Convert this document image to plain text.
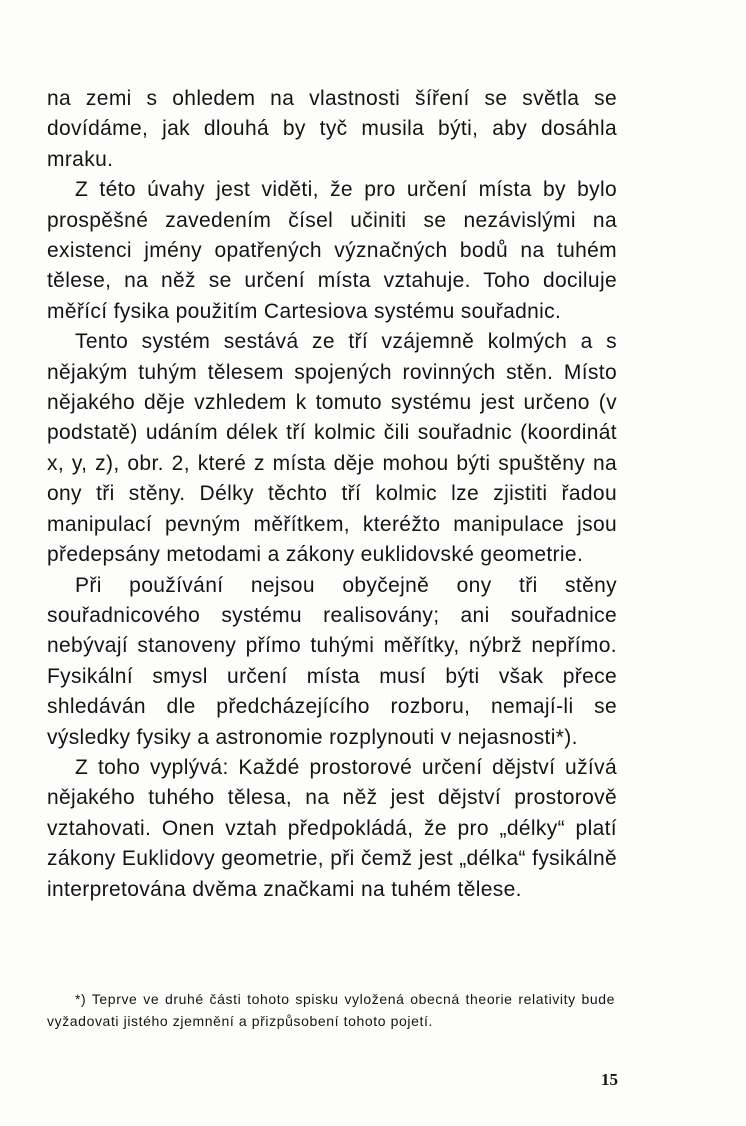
na zemi s ohledem na vlastnosti šíření se světla se dovídáme, jak dlouhá by tyč musila býti, aby dosáhla mraku.

Z této úvahy jest viděti, že pro určení místa by bylo prospěšné zavedením čísel učiniti se nezávislými na existenci jmény opatřených význačných bodů na tuhém tělese, na něž se určení místa vztahuje. Toho dociluje měřící fysika použitím Cartesiova systému souřadnic.

Tento systém sestává ze tří vzájemně kolmých a s nějakým tuhým tělesem spojených rovinných stěn. Místo nějakého děje vzhledem k tomuto systému jest určeno (v podstatě) udáním délek tří kolmic čili souřadnic (koordinát x, y, z), obr. 2, které z místa děje mohou býti spuštěny na ony tři stěny. Délky těchto tří kolmic lze zjistiti řadou manipulací pevným měřítkem, kteréžto manipulace jsou předepsány metodami a zákony euklidovské geometrie.

Při používání nejsou obyčejně ony tři stěny souřadnicového systému realisovány; ani souřadnice nebývají stanoveny přímo tuhými měřítky, nýbrž nepřímo. Fysikální smysl určení místa musí býti však přece shledáván dle předcházejícího rozboru, nemají-li se výsledky fysiky a astronomie rozplynouti v nejasnosti*).

Z toho vyplývá: Každé prostorové určení dějství užívá nějakého tuhého tělesa, na něž jest dějství prostorově vztahovati. Onen vztah předpokládá, že pro „délky“ platí zákony Euklidovy geometrie, při čemž jest „délka“ fysikálně interpretována dvěma značkami na tuhém tělese.

*) Teprve ve druhé části tohoto spisku vyložená obecná theorie relativity bude vyžadovati jistého zjemnění a přizpůsobení tohoto pojetí.
15
